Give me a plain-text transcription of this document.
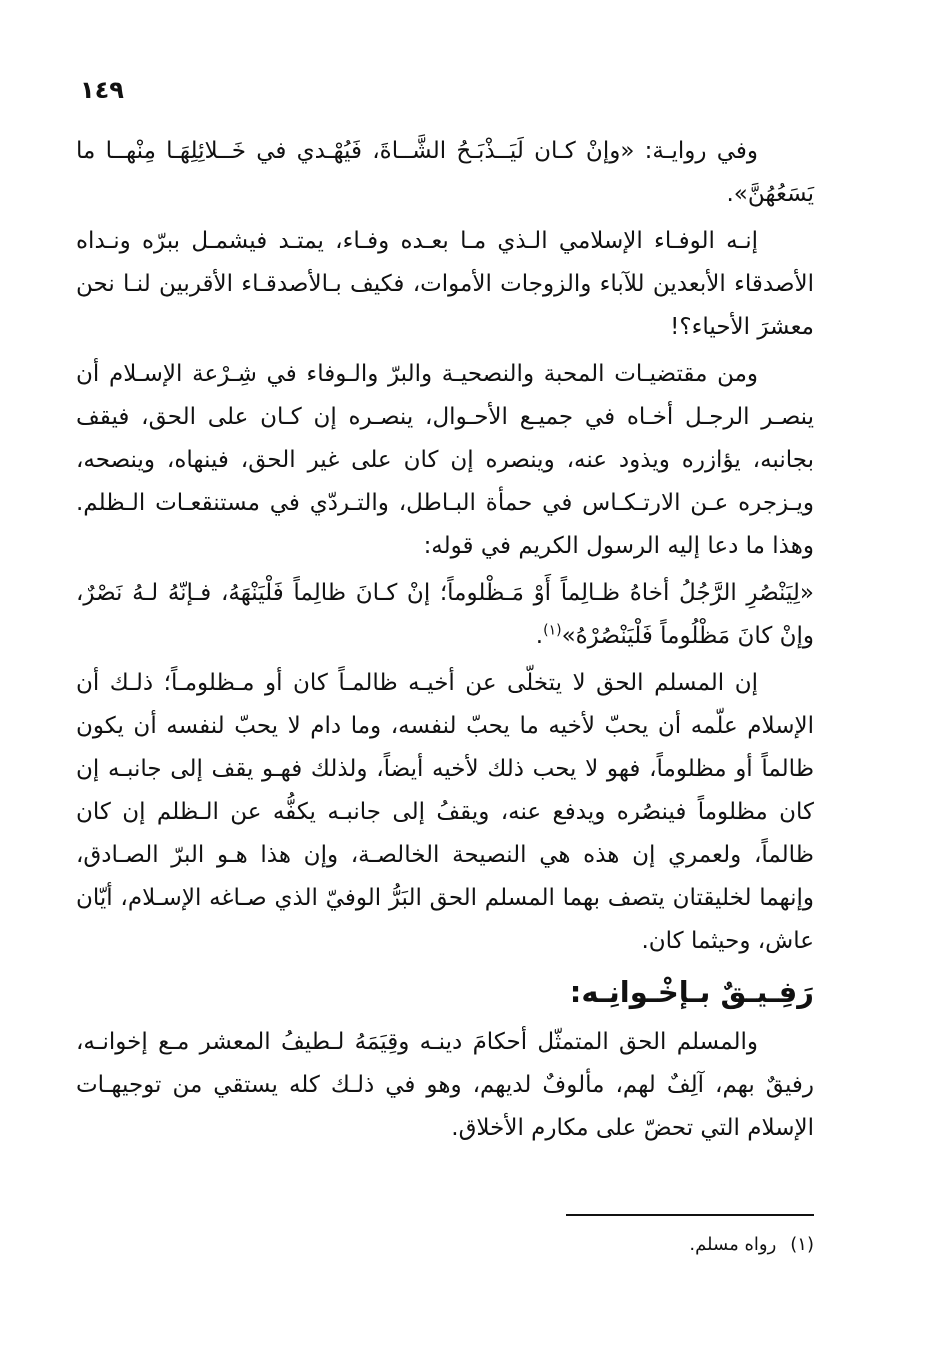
١٤٩

وفي روايـة: «وإنْ كـان لَيَــذْبَـحُ الشَّــاةَ، فَيُهْـدي في خَــلائِلِهَـا مِنْهــا ما يَسَعُهُنَّ».

إنـه الوفـاء الإسلامي الـذي مـا بعـده وفـاء، يمتـد فيشمـل ببرّه ونـداه الأصدقاء الأبعدين للآباء والزوجات الأموات، فكيف بـالأصدقـاء الأقربين لنـا نحن معشرَ الأحياء؟!

ومن مقتضيـات المحبة والنصحيـة والبرّ والـوفاء في شِـرْعة الإسـلام أن ينصـر الرجـل أخـاه في جميـع الأحـوال، ينصـره إن كـان على الحق، فيقف بجانبه، يؤازره ويذود عنه، وينصره إن كان على غير الحق، فينهاه، وينصحه، ويـزجره عـن الارتـكـاس في حمأة البـاطل، والتـردّي في مستنقعـات الـظلم. وهذا ما دعا إليه الرسول الكريم في قوله:

«لِيَنْصُرِ الرَّجُلُ أخاهُ ظـالِماً أَوْ مَـظْلوماً؛ إنْ كـانَ ظالِماً فَلْيَنْهَهُ، فـإنّهُ لـهُ نَصْرٌ، وإنْ كانَ مَظْلُوماً فَلْيَنْصُرْهُ»$^{(١)}$.

إن المسلم الحق لا يتخلّى عن أخيـه ظالمـاً كان أو مـظلومـاً؛ ذلـك أن الإسلام علّمه أن يحبّ لأخيه ما يحبّ لنفسه، وما دام لا يحبّ لنفسه أن يكون ظالماً أو مظلوماً، فهو لا يحب ذلك لأخيه أيضاً، ولذلك فهـو يقف إلى جانبـه إن كان مظلوماً فينصُره ويدفع عنه، ويقفُ إلى جانبـه يكفُّه عن الـظلم إن كان ظالماً، ولعمري إن هذه هي النصيحة الخالصـة، وإن هذا هـو البرّ الصـادق، وإنهما لخليقتان يتصف بهما المسلم الحق البَرُّ الوفيّ الذي صـاغه الإسـلام، أيّان عاش، وحيثما كان.

رَفِـيـقٌ بـإخْـوانِـه:

والمسلم الحق المتمثّل أحكامَ دينـه وقِيَمَهُ لـطيفُ المعشر مـع إخوانـه، رفيقٌ بهم، آلِفٌ لهم، مألوفٌ لديهم، وهو في ذلـك كله يستقي من توجيهـات الإسلام التي تحضّ على مكارم الأخلاق.

(١)رواه مسلم.
